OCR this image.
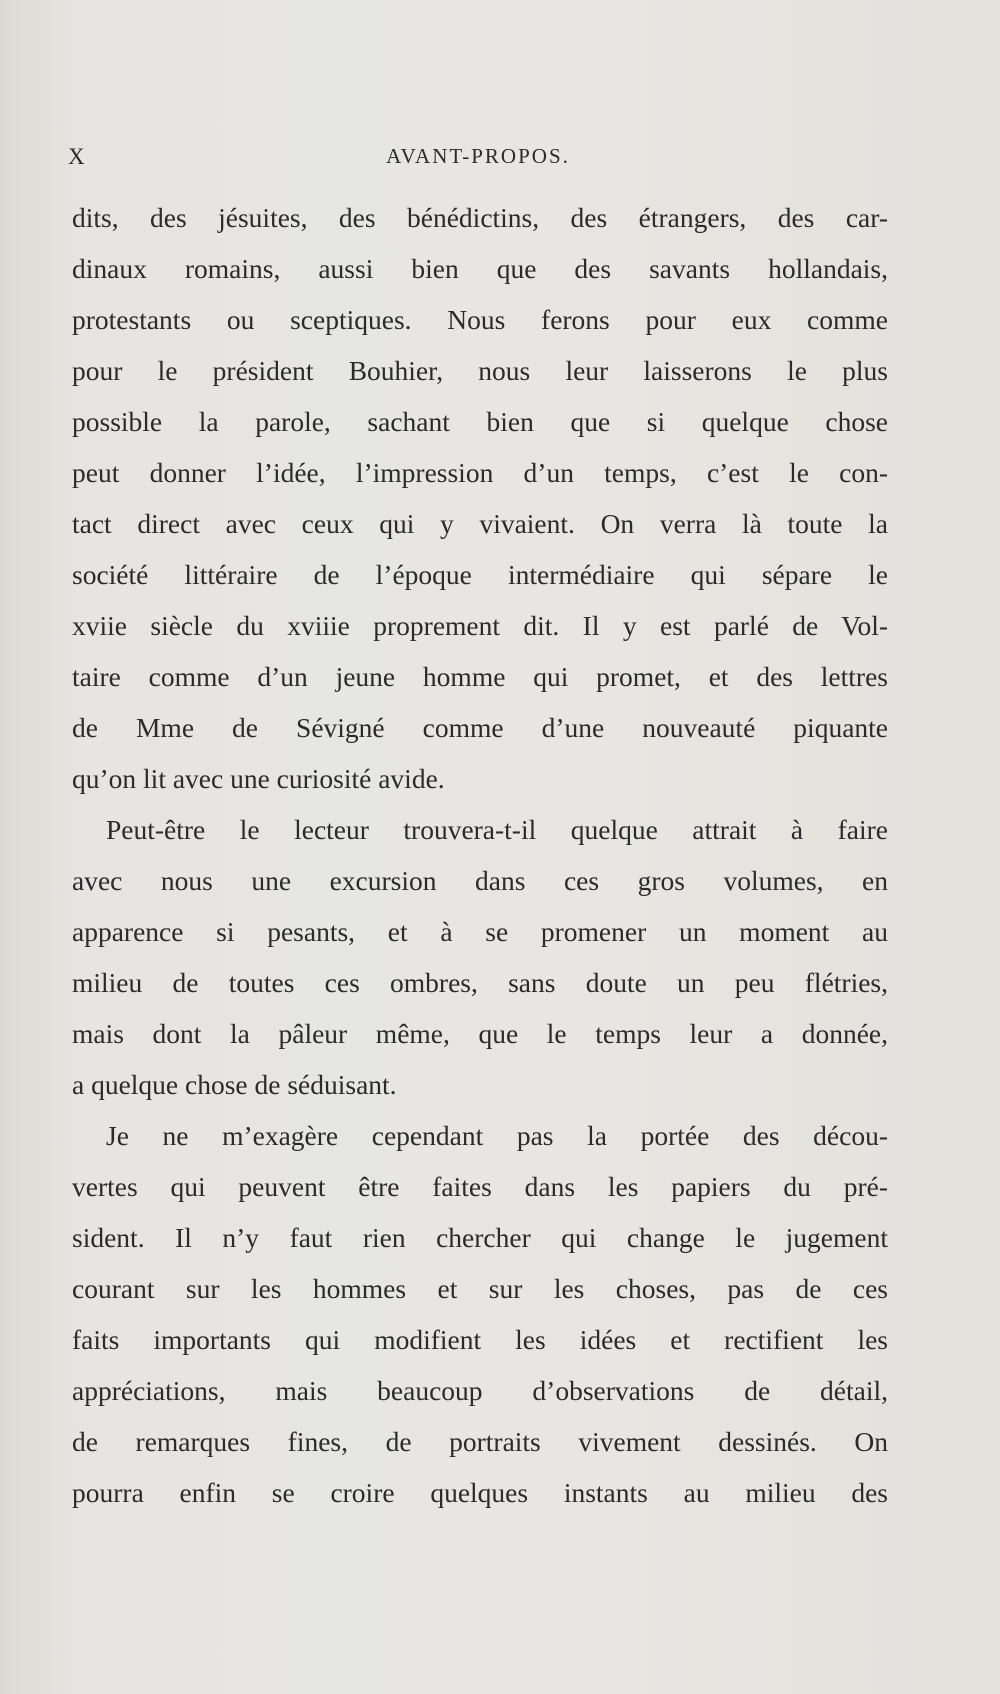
X	AVANT-PROPOS.
dits, des jésuites, des bénédictins, des étrangers, des car-
dinaux romains, aussi bien que des savants hollandais,
protestants ou sceptiques. Nous ferons pour eux comme
pour le président Bouhier, nous leur laisserons le plus
possible la parole, sachant bien que si quelque chose
peut donner l’idée, l’impression d’un temps, c’est le con-
tact direct avec ceux qui y vivaient. On verra là toute la
société littéraire de l’époque intermédiaire qui sépare le
xviie siècle du xviiie proprement dit. Il y est parlé de Vol-
taire comme d’un jeune homme qui promet, et des lettres
de Mme de Sévigné comme d’une nouveauté piquante
qu’on lit avec une curiosité avide.
Peut-être le lecteur trouvera-t-il quelque attrait à faire
avec nous une excursion dans ces gros volumes, en
apparence si pesants, et à se promener un moment au
milieu de toutes ces ombres, sans doute un peu flétries,
mais dont la pâleur même, que le temps leur a donnée,
a quelque chose de séduisant.
Je ne m’exagère cependant pas la portée des décou-
vertes qui peuvent être faites dans les papiers du pré-
sident. Il n’y faut rien chercher qui change le jugement
courant sur les hommes et sur les choses, pas de ces
faits importants qui modifient les idées et rectifient les
appréciations, mais beaucoup d’observations de détail,
de remarques fines, de portraits vivement dessinés. On
pourra enfin se croire quelques instants au milieu des
